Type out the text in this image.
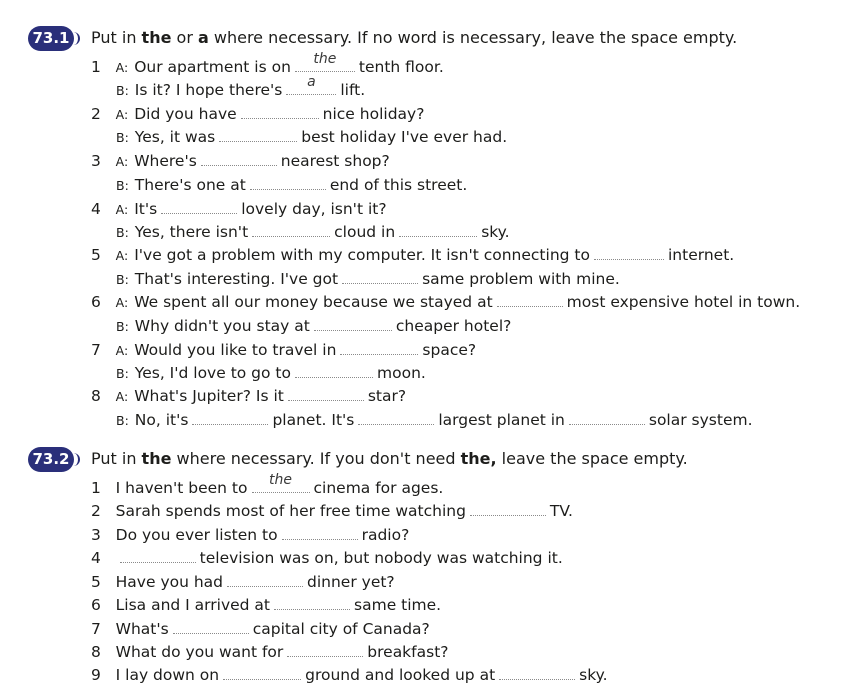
73.1 Put in the or a where necessary. If no word is necessary, leave the space empty.
1 A: Our apartment is on	the	tenth floor.
B: Is it? I hope there's	a	lift.
2 A: Did you have	nice holiday?
B: Yes, it was	best holiday I've ever had.
3 A: Where's	nearest shop?
B: There's one at	end of this street.
4 A: It's	lovely day, isn't it?
B: Yes, there isn't	cloud in	sky.
5 A: I've got a problem with my computer. It isn't connecting to	internet.
B: That's interesting. I've got	same problem with mine.
6 A: We spent all our money because we stayed at	most expensive hotel in town.
B: Why didn't you stay at	cheaper hotel?
7 A: Would you like to travel in	space?
B: Yes, I'd love to go to	moon.
8 A: What's Jupiter? Is it	star?
B: No, it's	planet. It's	largest planet in	solar system.
73.2 Put in the where necessary. If you don't need the, leave the space empty.
1 I haven't been to	the	cinema for ages.
2 Sarah spends most of her free time watching	TV.
3 Do you ever listen to	radio?
4	television was on, but nobody was watching it.
5 Have you had	dinner yet?
6 Lisa and I arrived at	same time.
7 What's	capital city of Canada?
8 What do you want for	breakfast?
9 I lay down on	ground and looked up at	sky.
